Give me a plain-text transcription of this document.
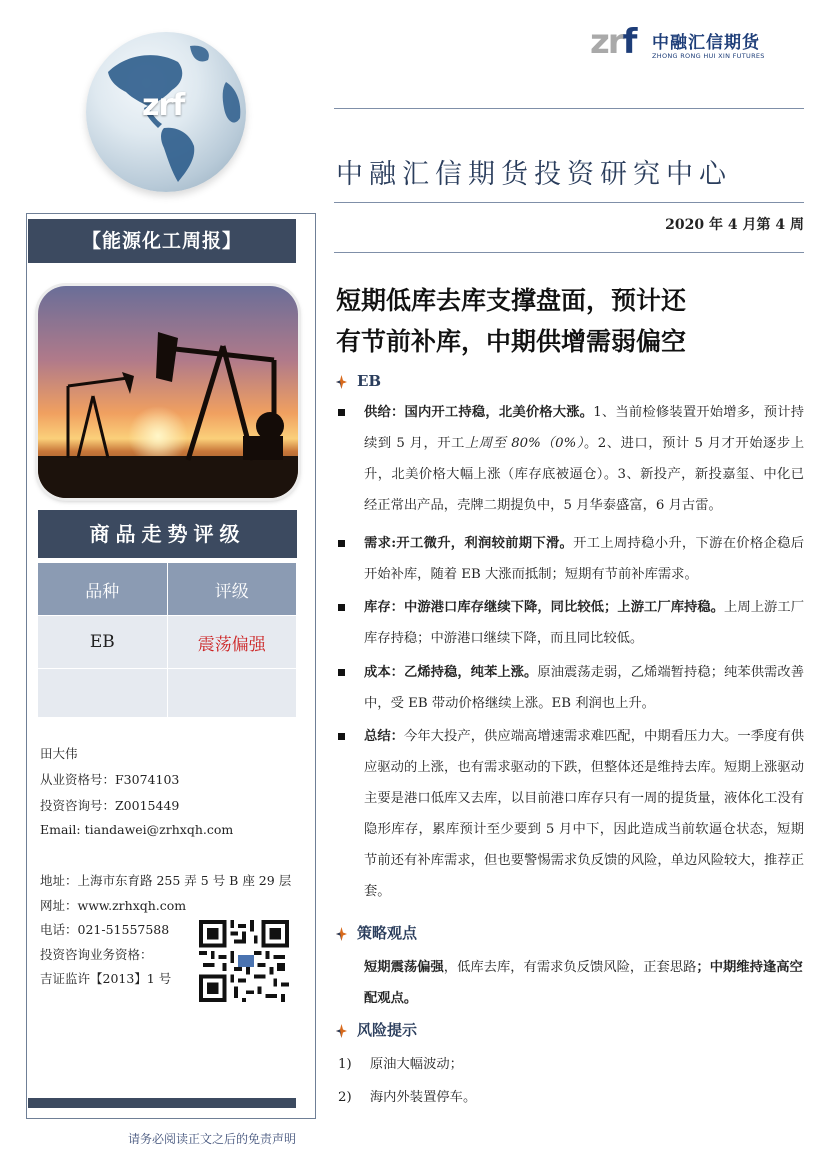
zrf
zrf 中融汇信期货
ZHONG RONG HUI XIN FUTURES
中融汇信期货投资研究中心
2020 年 4 月第 4 周
【能源化工周报】
商品走势评级
品种	评级
EB	震荡偏强

田大伟
从业资格号：F3074103
投资咨询号：Z0015449
Email: tiandawei@zrhxqh.com
地址：上海市东育路 255 弄 5 号 B 座 29 层
网址：www.zrhxqh.com
电话：021-51557588
投资咨询业务资格：
吉证监许【2013】1 号
请务必阅读正文之后的免责声明
短期低库去库支撑盘面，预计还
有节前补库，中期供增需弱偏空
EB
供给：国内开工持稳，北美价格大涨。1、当前检修装置开始增多，预计持续到 5 月，开工上周至 80%（0%）。2、进口，预计 5 月才开始逐步上升，北美价格大幅上涨（库存底被逼仓）。3、新投产，新投嘉玺、中化已经正常出产品，壳牌二期提负中，5 月华泰盛富，6 月古雷。
需求:开工微升，利润较前期下滑。开工上周持稳小升，下游在价格企稳后开始补库，随着 EB 大涨而抵制；短期有节前补库需求。
库存：中游港口库存继续下降，同比较低；上游工厂库持稳。上周上游工厂库存持稳；中游港口继续下降，而且同比较低。
成本：乙烯持稳，纯苯上涨。原油震荡走弱，乙烯端暂持稳；纯苯供需改善中，受 EB 带动价格继续上涨。EB 利润也上升。
总结：今年大投产，供应端高增速需求难匹配，中期看压力大。一季度有供应驱动的上涨，也有需求驱动的下跌，但整体还是维持去库。短期上涨驱动主要是港口低库又去库，以目前港口库存只有一周的提货量，液体化工没有隐形库存，累库预计至少要到 5 月中下，因此造成当前软逼仓状态，短期节前还有补库需求，但也要警惕需求负反馈的风险，单边风险较大，推荐正套。
策略观点
短期震荡偏强，低库去库，有需求负反馈风险，正套思路；中期维持逢高空配观点。
风险提示
1) 原油大幅波动；
2) 海内外装置停车。
